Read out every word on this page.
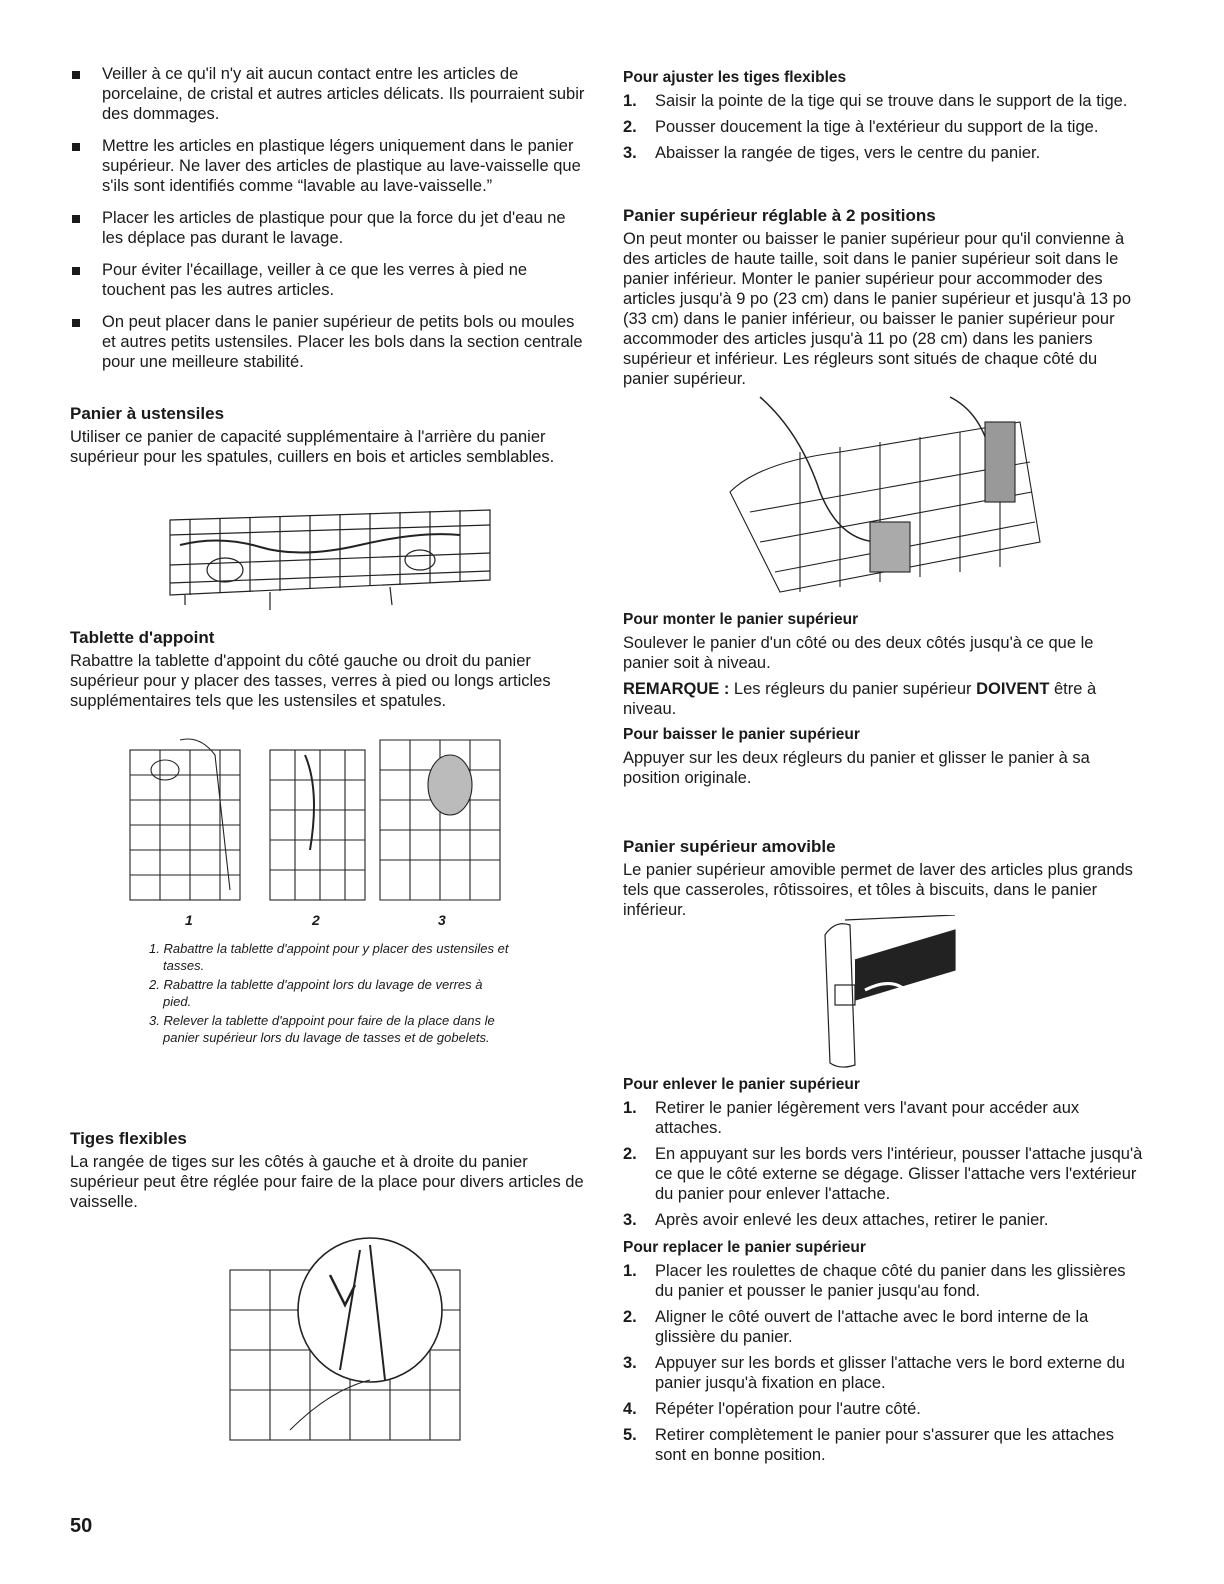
Veiller à ce qu'il n'y ait aucun contact entre les articles de porcelaine, de cristal et autres articles délicats. Ils pourraient subir des dommages.
Mettre les articles en plastique légers uniquement dans le panier supérieur. Ne laver des articles de plastique au lave-vaisselle que s'ils sont identifiés comme “lavable au lave-vaisselle.”
Placer les articles de plastique pour que la force du jet d'eau ne les déplace pas durant le lavage.
Pour éviter l'écaillage, veiller à ce que les verres à pied ne touchent pas les autres articles.
On peut placer dans le panier supérieur de petits bols ou moules et autres petits ustensiles. Placer les bols dans la section centrale pour une meilleure stabilité.
Panier à ustensiles

Utiliser ce panier de capacité supplémentaire à l'arrière du panier supérieur pour les spatules, cuillers en bois et articles semblables.

Tablette d'appoint

Rabattre la tablette d'appoint du côté gauche ou droit du panier supérieur pour y placer des tasses, verres à pied ou longs articles supplémentaires tels que les ustensiles et spatules.

1	2	3
1. Rabattre la tablette d'appoint pour y placer des ustensiles et tasses.
2. Rabattre la tablette d'appoint lors du lavage de verres à pied.
3. Relever la tablette d'appoint pour faire de la place dans le panier supérieur lors du lavage de tasses et de gobelets.
Tiges flexibles

La rangée de tiges sur les côtés à gauche et à droite du panier supérieur peut être réglée pour faire de la place pour divers articles de vaisselle.

Pour ajuster les tiges flexibles
1. Saisir la pointe de la tige qui se trouve dans le support de la tige.
2. Pousser doucement la tige à l'extérieur du support de la tige.
3. Abaisser la rangée de tiges, vers le centre du panier.
Panier supérieur réglable à 2 positions

On peut monter ou baisser le panier supérieur pour qu'il convienne à des articles de haute taille, soit dans le panier supérieur soit dans le panier inférieur. Monter le panier supérieur pour accommoder des articles jusqu'à 9 po (23 cm) dans le panier supérieur et jusqu'à 13 po (33 cm) dans le panier inférieur, ou baisser le panier supérieur pour accommoder des articles jusqu'à 11 po (28 cm) dans les paniers supérieur et inférieur. Les régleurs sont situés de chaque côté du panier supérieur.

Pour monter le panier supérieur

Soulever le panier d'un côté ou des deux côtés jusqu'à ce que le panier soit à niveau.

REMARQUE : Les régleurs du panier supérieur DOIVENT être à niveau.

Pour baisser le panier supérieur

Appuyer sur les deux régleurs du panier et glisser le panier à sa position originale.

Panier supérieur amovible

Le panier supérieur amovible permet de laver des articles plus grands tels que casseroles, rôtissoires, et tôles à biscuits, dans le panier inférieur.

Pour enlever le panier supérieur
1. Retirer le panier légèrement vers l'avant pour accéder aux attaches.
2. En appuyant sur les bords vers l'intérieur, pousser l'attache jusqu'à ce que le côté externe se dégage. Glisser l'attache vers l'extérieur du panier pour enlever l'attache.
3. Après avoir enlevé les deux attaches, retirer le panier.
Pour replacer le panier supérieur
1. Placer les roulettes de chaque côté du panier dans les glissières du panier et pousser le panier jusqu'au fond.
2. Aligner le côté ouvert de l'attache avec le bord interne de la glissière du panier.
3. Appuyer sur les bords et glisser l'attache vers le bord externe du panier jusqu'à fixation en place.
4. Répéter l'opération pour l'autre côté.
5. Retirer complètement le panier pour s'assurer que les attaches sont en bonne position.
50
